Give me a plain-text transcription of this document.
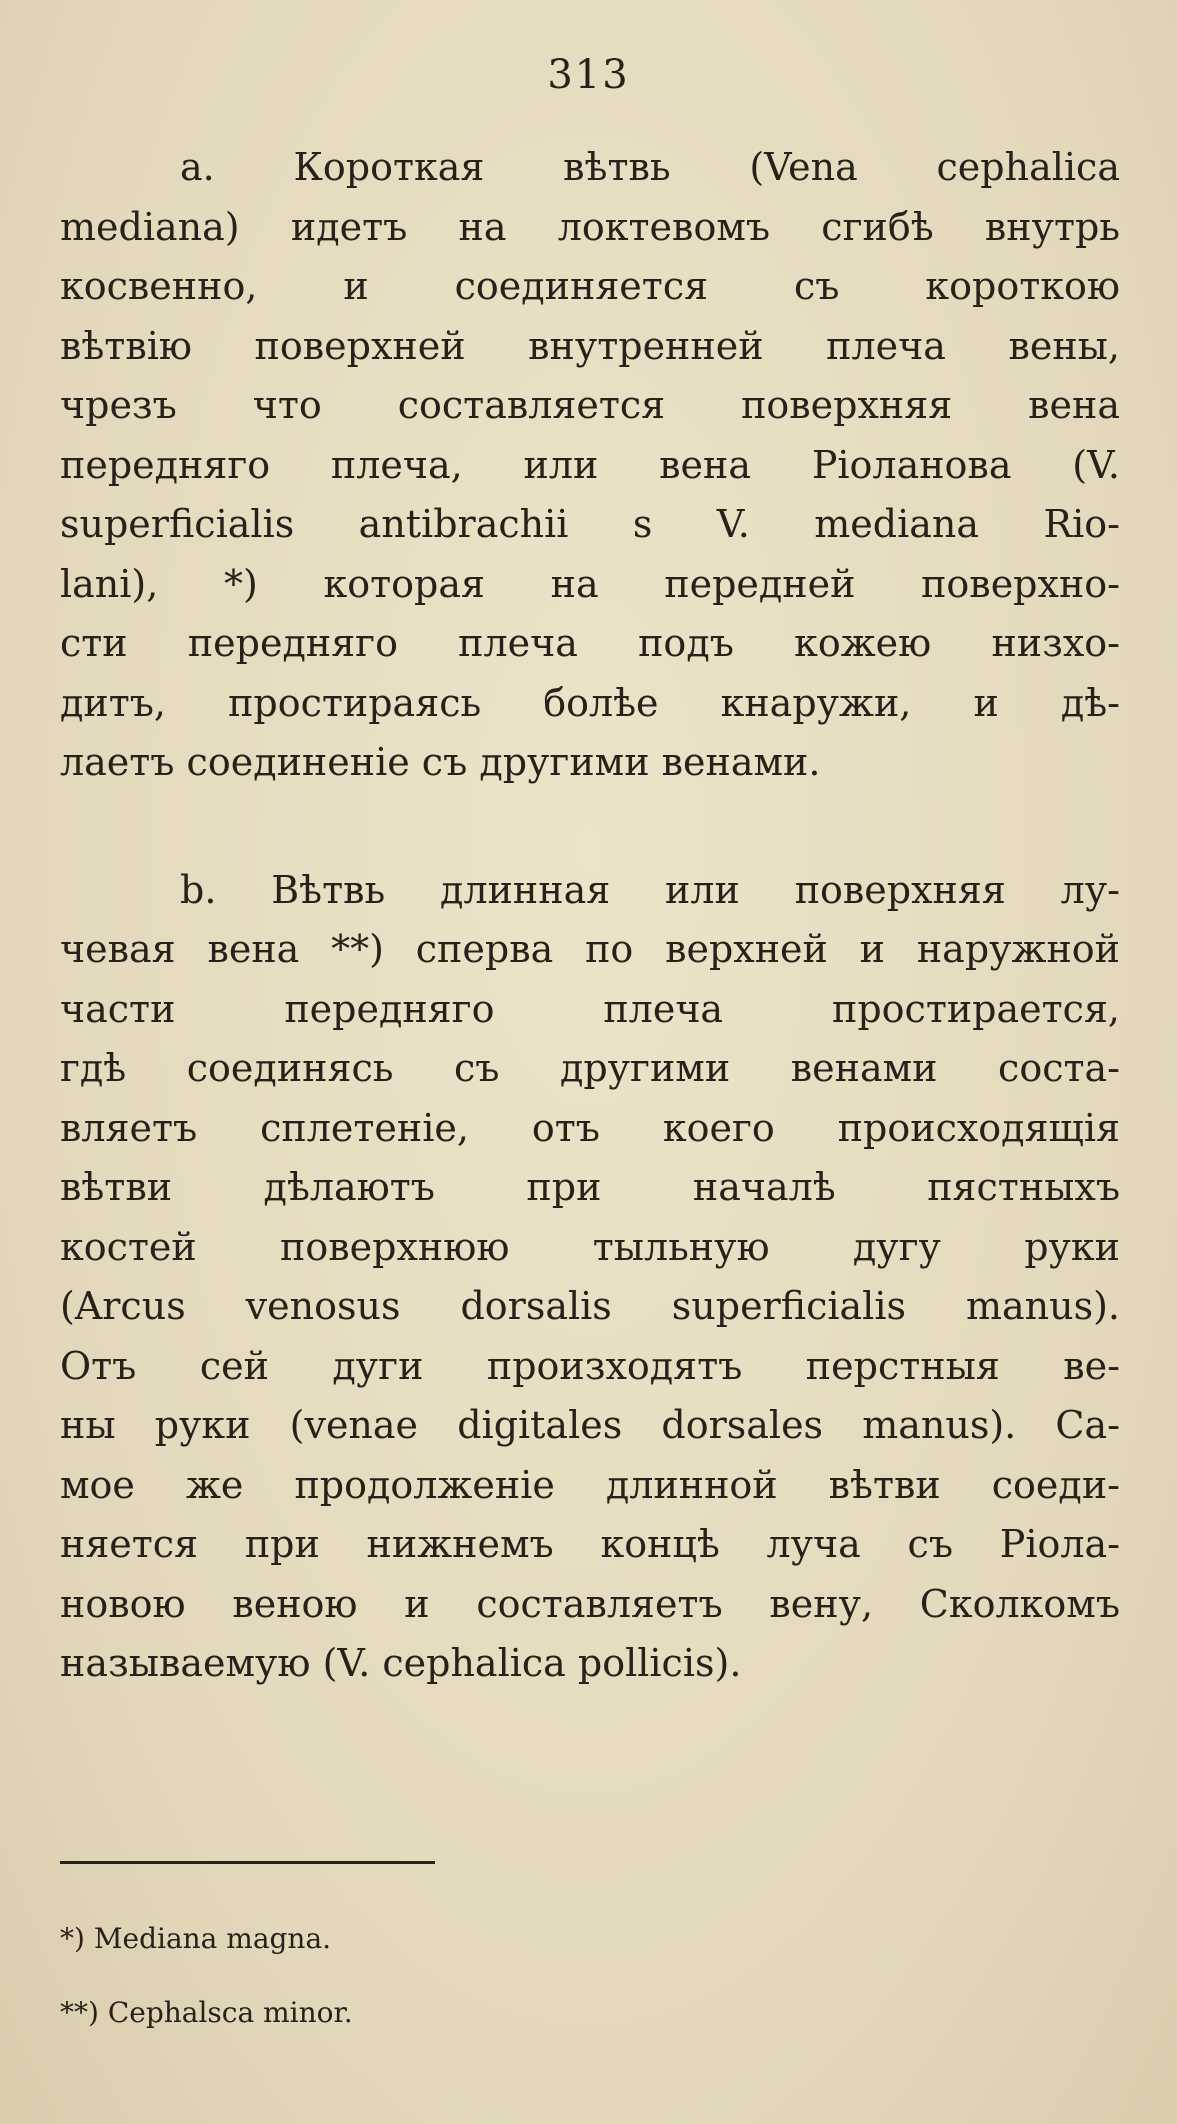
313
a. Короткая вѣтвь (Vena cephalica
mediana) идетъ на локтевомъ сгибѣ внутрь
косвенно, и соединяется съ короткою
вѣтвію поверхней внутренней плеча вены,
чрезъ что составляется поверхняя вена
передняго плеча, или вена Ріоланова (V.
superficialis antibrachii s V. mediana Rio-
lani), *) которая на передней поверхно-
сти передняго плеча подъ кожею низхо-
дитъ, простираясь болѣе кнаружи, и дѣ-
лаетъ соединеніе съ другими венами.
b. Вѣтвь длинная или поверхняя лу-
чевая вена **) сперва по верхней и наружной
части передняго плеча простирается,
гдѣ соединясь съ другими венами соста-
вляетъ сплетеніе, отъ коего происходящія
вѣтви дѣлаютъ при началѣ пястныхъ
костей поверхнюю тыльную дугу руки
(Arcus venosus dorsalis superficialis manus).
Отъ сей дуги произходятъ перстныя ве-
ны руки (venae digitales dorsales manus). Са-
мое же продолженіе длинной вѣтви соеди-
няется при нижнемъ концѣ луча съ Ріола-
новою веною и составляетъ вену, Сколкомъ
называемую (V. cephalica pollicis).
*) Mediana magna.
**) Cephalsca minor.
